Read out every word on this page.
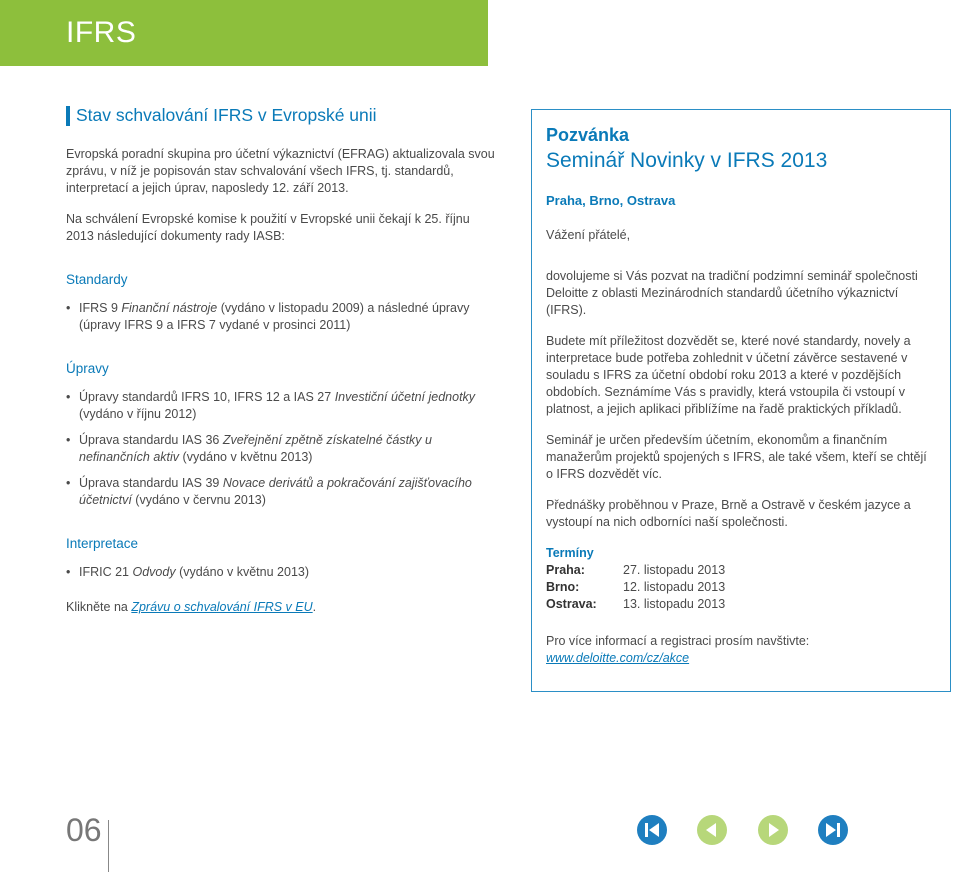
IFRS
Stav schvalování IFRS v Evropské unii

Evropská poradní skupina pro účetní výkaznictví (EFRAG) aktualizovala svou zprávu, v níž je popisován stav schvalování všech IFRS, tj. standardů, interpretací a jejich úprav, naposledy 12. září 2013.

Na schválení Evropské komise k použití v Evropské unii čekají k 25. říjnu 2013 následující dokumenty rady IASB:

Standardy
• IFRS 9 Finanční nástroje (vydáno v listopadu 2009) a následné úpravy (úpravy IFRS 9 a IFRS 7 vydané v prosinci 2011)
Úpravy
• Úpravy standardů IFRS 10, IFRS 12 a IAS 27 Investiční účetní jednotky (vydáno v říjnu 2012)
• Úprava standardu IAS 36 Zveřejnění zpětně získatelné částky u nefinančních aktiv (vydáno v květnu 2013)
• Úprava standardu IAS 39 Novace derivátů a pokračování zajišťovacího účetnictví (vydáno v červnu 2013)
Interpretace
• IFRIC 21 Odvody (vydáno v květnu 2013)

Klikněte na Zprávu o schvalování IFRS v EU.

Pozvánka
Seminář Novinky v IFRS 2013
Praha, Brno, Ostrava

Vážení přátelé,

dovolujeme si Vás pozvat na tradiční podzimní seminář společnosti Deloitte z oblasti Mezinárodních standardů účetního výkaznictví (IFRS).

Budete mít příležitost dozvědět se, které nové standardy, novely a interpretace bude potřeba zohlednit v účetní závěrce sestavené v souladu s IFRS za účetní období roku 2013 a které v pozdějších obdobích. Seznámíme Vás s pravidly, která vstoupila či vstoupí v platnost, a jejich aplikaci přiblížíme na řadě praktických příkladů.

Seminář je určen především účetním, ekonomům a finančním manažerům projektů spojených s IFRS, ale také všem, kteří se chtějí o IFRS dozvědět víc.

Přednášky proběhnou v Praze, Brně a Ostravě v českém jazyce a vystoupí na nich odborníci naší společnosti.

Termíny
Praha:	27. listopadu 2013
Brno:	12. listopadu 2013
Ostrava:	13. listopadu 2013

Pro více informací a registraci prosím navštivte:

www.deloitte.com/cz/akce
06
